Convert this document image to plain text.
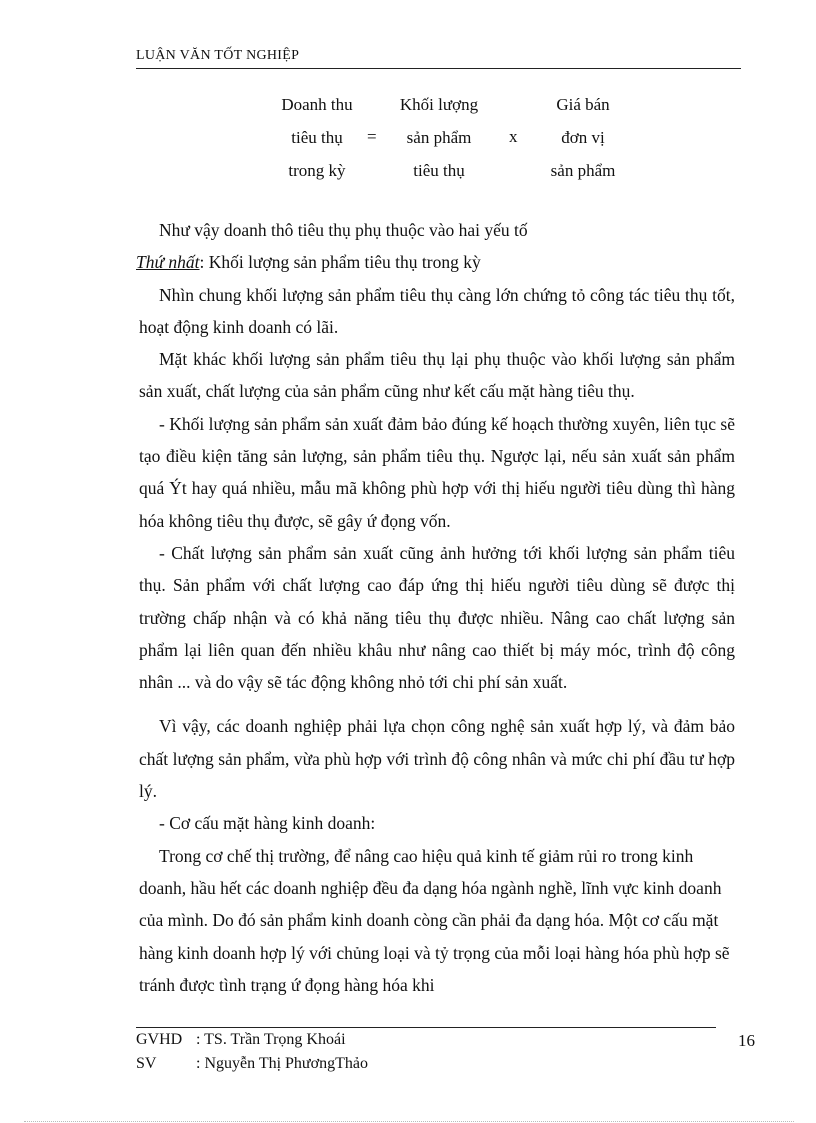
LUẬN VĂN TỐT NGHIỆP
Doanh thu
tiêu thụ
trong kỳ
=
Khối lượng
sản phẩm
tiêu thụ
x
Giá bán
đơn vị
sản phẩm

Như vậy doanh thô tiêu thụ phụ thuộc vào hai yếu tố

Thứ nhất: Khối lượng sản phẩm tiêu thụ trong kỳ

Nhìn chung khối lượng sản phẩm tiêu thụ càng lớn chứng tỏ công tác tiêu thụ tốt, hoạt động kinh doanh có lãi.

Mặt khác khối lượng sản phẩm tiêu thụ lại phụ thuộc vào khối lượng sản phẩm sản xuất, chất lượng của sản phẩm cũng như kết cấu mặt hàng tiêu thụ.

- Khối lượng sản phẩm sản xuất đảm bảo đúng kế hoạch thường xuyên, liên tục sẽ tạo điều kiện tăng sản lượng, sản phẩm tiêu thụ. Ngược lại, nếu sản xuất sản phẩm quá Ýt hay quá nhiều, mẫu mã không phù hợp với thị hiếu người tiêu dùng thì hàng hóa không tiêu thụ được, sẽ gây ứ đọng vốn.

- Chất lượng sản phẩm sản xuất cũng ảnh hưởng tới khối lượng sản phẩm tiêu thụ. Sản phẩm với chất lượng cao đáp ứng thị hiếu người tiêu dùng sẽ được thị trường chấp nhận và có khả năng tiêu thụ được nhiều. Nâng cao chất lượng sản phẩm lại liên quan đến nhiều khâu như nâng cao thiết bị máy móc, trình độ công nhân ... và do vậy sẽ tác động không nhỏ tới chi phí sản xuất.

Vì vậy, các doanh nghiệp phải lựa chọn công nghệ sản xuất hợp lý, và đảm bảo chất lượng sản phẩm, vừa phù hợp với trình độ công nhân và mức chi phí đầu tư hợp lý.

- Cơ cấu mặt hàng kinh doanh:

Trong cơ chế thị trường, để nâng cao hiệu quả kinh tế giảm rủi ro trong kinh doanh, hầu hết các doanh nghiệp đều đa dạng hóa ngành nghề, lĩnh vực kinh doanh của mình. Do đó sản phẩm kinh doanh còng cần phải đa dạng hóa. Một cơ cấu mặt hàng kinh doanh hợp lý với chủng loại và tỷ trọng của mỗi loại hàng hóa phù hợp sẽ tránh được tình trạng ứ đọng hàng hóa khi

GVHD : TS. Trần Trọng Khoái
SV : Nguyễn Thị PhươngThảo
16
